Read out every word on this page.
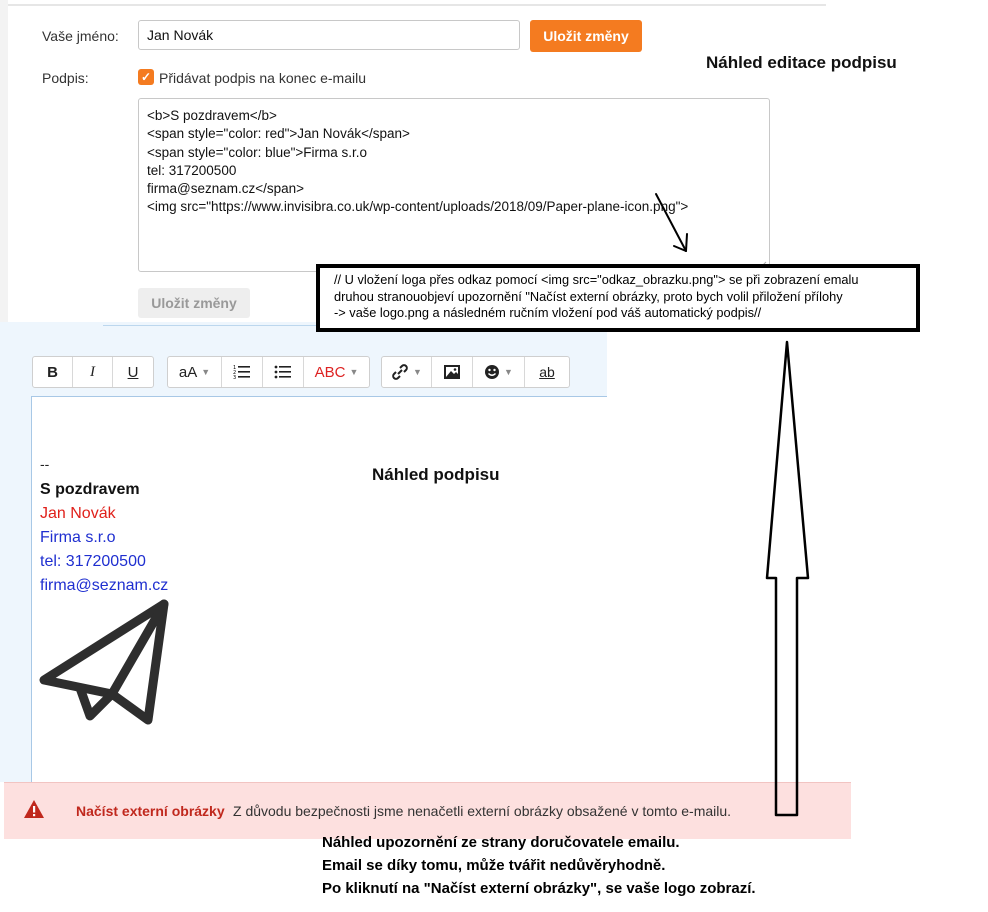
Vaše jméno:
Jan Novák	Uložit změny
Podpis:	✓ Přidávat podpis na konec e-mailu
<b>S pozdravem</b>
<span style="color: red">Jan Novák</span>
<span style="color: blue">Firma s.r.o
tel: 317200500
firma@seznam.cz</span>
<img src="https://www.invisibra.co.uk/wp-content/uploads/2018/09/Paper-plane-icon.png">
Uložit změny
Náhled editace podpisu
B	I	U	aA ▼	1
2
3	ABC ▼	▼	▼	ab
--
S pozdravem
Jan Novák
Firma s.r.o
tel: 317200500
firma@seznam.cz
Náhled podpisu
Načíst externí obrázky Z důvodu bezpečnosti jsme nenačetli externí obrázky obsažené v tomto e-mailu.
// U vložení loga přes odkaz pomocí <img src="odkaz_obrazku.png"> se při zobrazení emalu
druhou stranouobjeví upozornění "Načíst externí obrázky, proto bych volil přiložení přílohy
-> vaše logo.png a následném ručním vložení pod váš automatický podpis//
Náhled upozornění ze strany doručovatele emailu.
Email se díky tomu, může tvářit nedůvěryhodně.
Po kliknutí na "Načíst externí obrázky", se vaše logo zobrazí.
